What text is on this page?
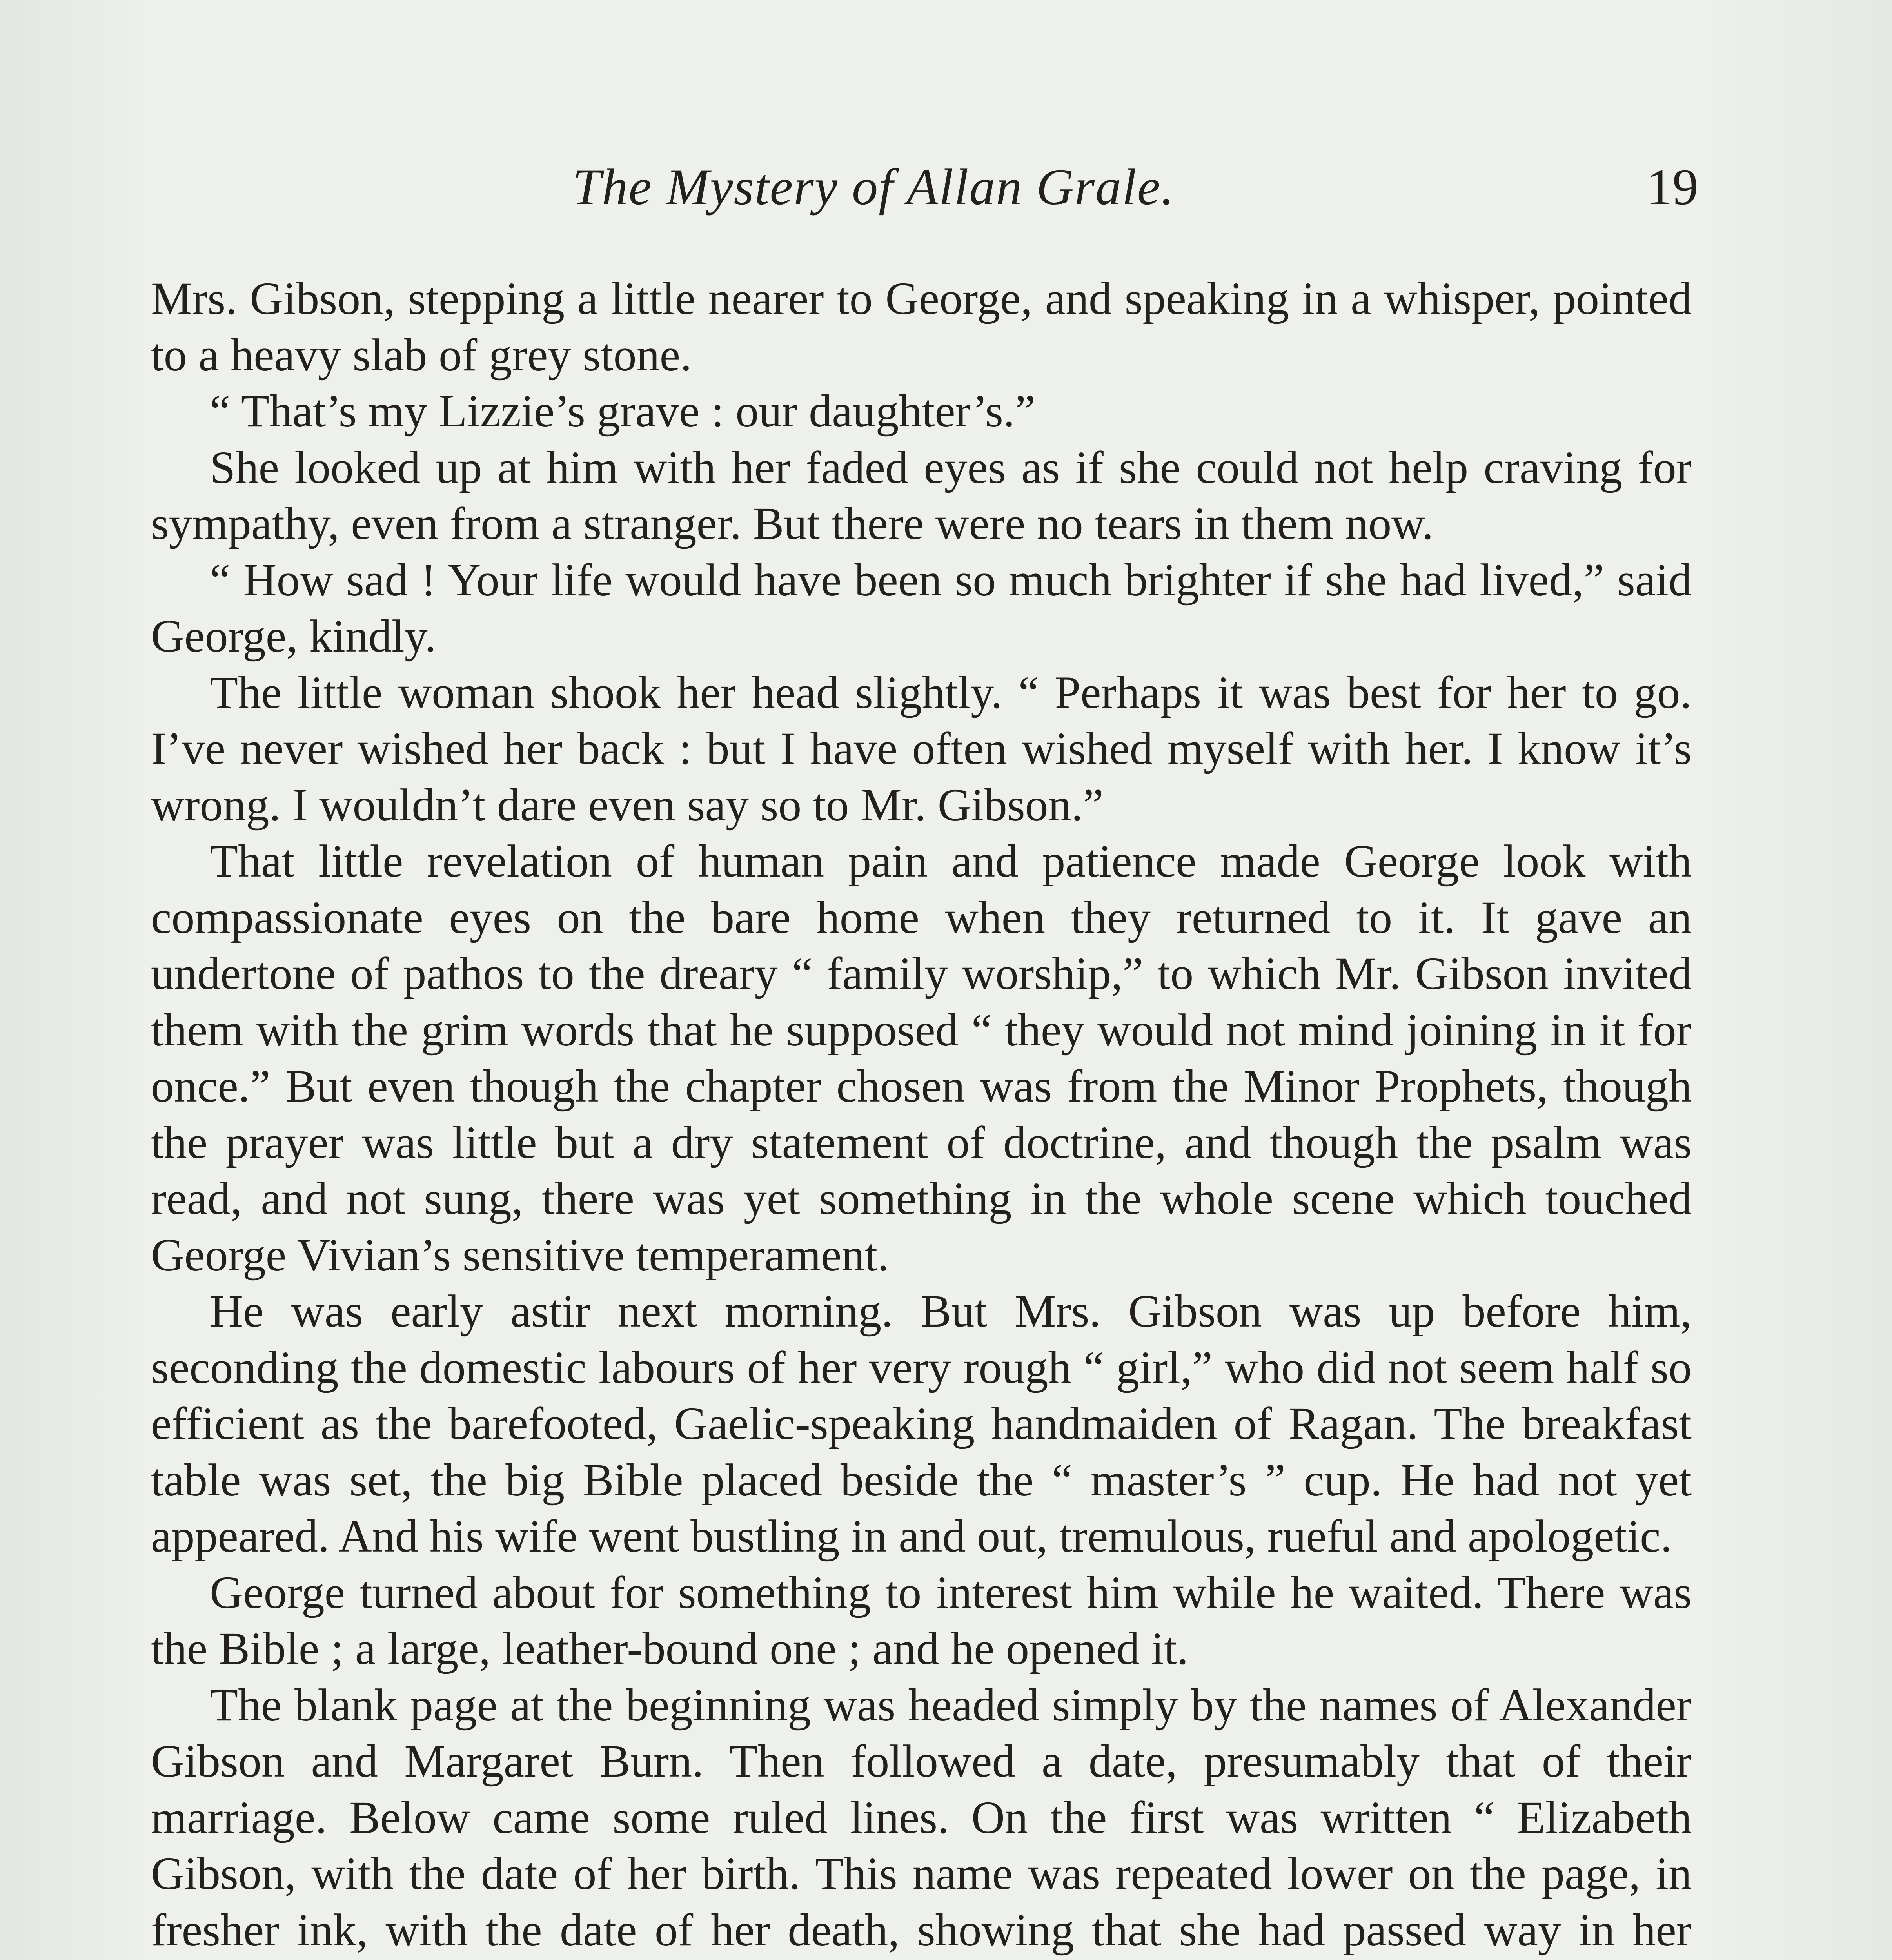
The Mystery of Allan Grale.	19

Mrs. Gibson, stepping a little nearer to George, and speaking in a whisper, pointed to a heavy slab of grey stone.

“ That’s my Lizzie’s grave : our daughter’s.”

She looked up at him with her faded eyes as if she could not help craving for sympathy, even from a stranger. But there were no tears in them now.

“ How sad ! Your life would have been so much brighter if she had lived,” said George, kindly.

The little woman shook her head slightly. “ Perhaps it was best for her to go. I’ve never wished her back : but I have often wished myself with her. I know it’s wrong. I wouldn’t dare even say so to Mr. Gibson.”

That little revelation of human pain and patience made George look with compassionate eyes on the bare home when they returned to it. It gave an undertone of pathos to the dreary “ family worship,” to which Mr. Gibson invited them with the grim words that he supposed “ they would not mind joining in it for once.” But even though the chapter chosen was from the Minor Prophets, though the prayer was little but a dry statement of doctrine, and though the psalm was read, and not sung, there was yet something in the whole scene which touched George Vivian’s sensitive temperament.

He was early astir next morning. But Mrs. Gibson was up before him, seconding the domestic labours of her very rough “ girl,” who did not seem half so efficient as the barefooted, Gaelic-speaking handmaiden of Ragan. The breakfast table was set, the big Bible placed beside the “ master’s ” cup. He had not yet appeared. And his wife went bustling in and out, tremulous, rueful and apologetic.

George turned about for something to interest him while he waited. There was the Bible ; a large, leather-bound one ; and he opened it.

The blank page at the beginning was headed simply by the names of Alexander Gibson and Margaret Burn. Then followed a date, presumably that of their marriage. Below came some ruled lines. On the first was written “ Elizabeth Gibson, with the date of her birth. This name was repeated lower on the page, in fresher ink, with the date of her death, showing that she had passed way in her
